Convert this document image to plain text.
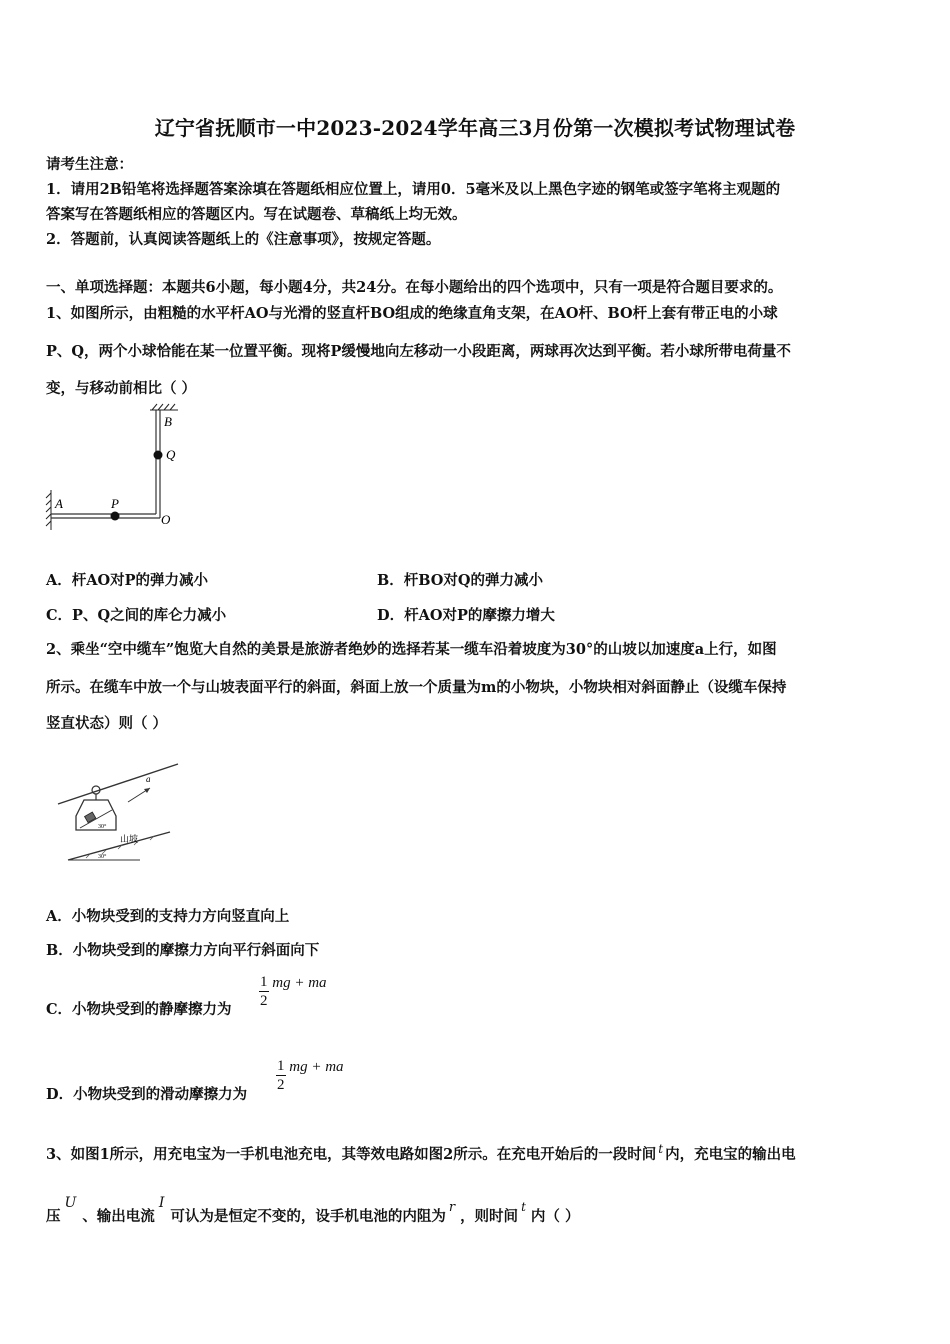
辽宁省抚顺市一中2023-2024学年高三3月份第一次模拟考试物理试卷
请考生注意：
1．请用2B铅笔将选择题答案涂填在答题纸相应位置上，请用0．5毫米及以上黑色字迹的钢笔或签字笔将主观题的
答案写在答题纸相应的答题区内。写在试题卷、草稿纸上均无效。
2．答题前，认真阅读答题纸上的《注意事项》，按规定答题。
一、单项选择题：本题共6小题，每小题4分，共24分。在每小题给出的四个选项中，只有一项是符合题目要求的。
1、如图所示，由粗糙的水平杆AO与光滑的竖直杆BO组成的绝缘直角支架，在AO杆、BO杆上套有带正电的小球
P、Q，两个小球恰能在某一位置平衡。现将P缓慢地向左移动一小段距离，两球再次达到平衡。若小球所带电荷量不
变，与移动前相比（ ）
B
Q
A	P
O
A．杆AO对P的弹力减小	B．杆BO对Q的弹力减小
C．P、Q之间的库仑力减小	D．杆AO对P的摩擦力增大
2、乘坐“空中缆车”饱览大自然的美景是旅游者绝妙的选择若某一缆车沿着坡度为30°的山坡以加速度a上行，如图
所示。在缆车中放一个与山坡表面平行的斜面，斜面上放一个质量为m的小物块，小物块相对斜面静止（设缆车保持
竖直状态）则（ ）
30°
a
30°
山坡
A．小物块受到的支持力方向竖直向上
B．小物块受到的摩擦力方向平行斜面向下
C．小物块受到的静摩擦力为 $\frac{1}{2}$ mg + ma
D．小物块受到的滑动摩擦力为
$\frac{1}{2}$ mg + ma
3、如图1所示，用充电宝为一手机电池充电，其等效电路如图2所示。在充电开始后的一段时间 $^t$ 内，充电宝的输出电
压U、输出电流I可认为是恒定不变的，设手机电池的内阻为r，则时间$^t$内（ ）
